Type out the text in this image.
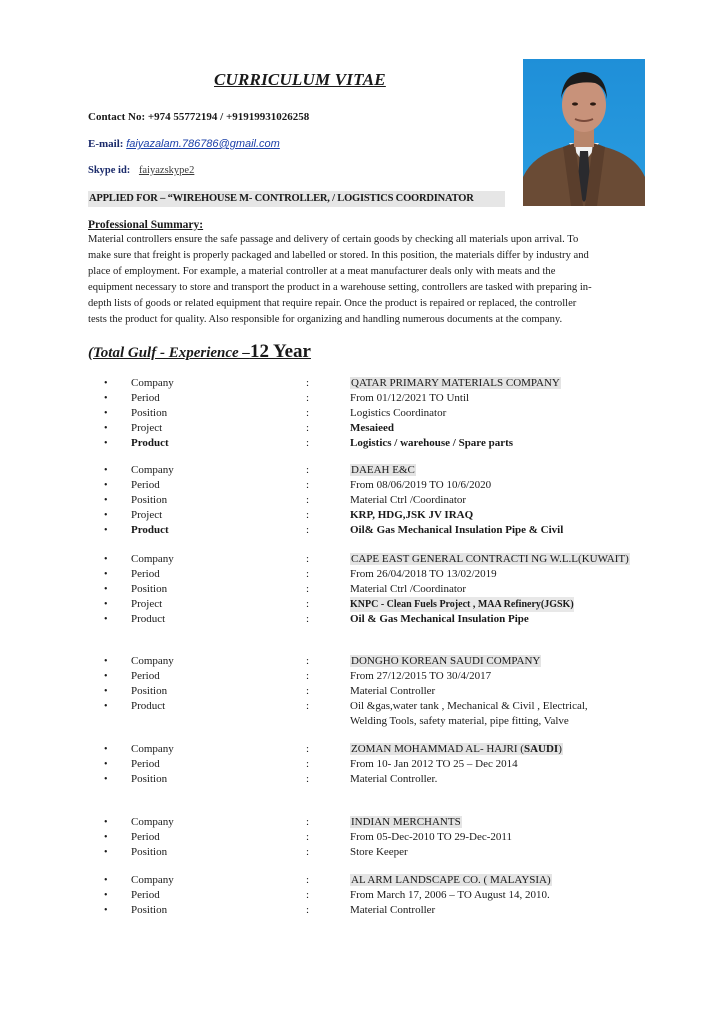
CURRICULUM VITAE
Contact No: +974 55772194 / +91919931026258
E-mail: faiyazalam.786786@gmail.com
Skype id: faiyazskype2
APPLIED FOR – “WIREHOUSE M- CONTROLLER, / LOGISTICS COORDINATOR
Professional Summary:
Material controllers ensure the safe passage and delivery of certain goods by checking all materials upon arrival. To
make sure that freight is properly packaged and labelled or stored. In this position, the materials differ by industry and
place of employment. For example, a material controller at a meat manufacturer deals only with meats and the
equipment necessary to store and transport the product in a warehouse setting, controllers are tasked with preparing in-
depth lists of goods or related equipment that require repair. Once the product is repaired or replaced, the controller
tests the product for quality. Also responsible for organizing and handling numerous documents at the company.
(Total Gulf - Experience –12 Year
• Company	:	QATAR PRIMARY MATERIALS COMPANY
• Period	:	From 01/12/2021 TO Until
• Position	:	Logistics Coordinator
• Project	:	Mesaieed
• Product	:	Logistics / warehouse / Spare parts
• Company	:	DAEAH E&C
• Period	:	From 08/06/2019 TO 10/6/2020
• Position	:	Material Ctrl /Coordinator
• Project	:	KRP, HDG,JSK JV IRAQ
• Product	:	Oil& Gas Mechanical Insulation Pipe & Civil
• Company	:	CAPE EAST GENERAL CONTRACTI NG W.L.L(KUWAIT)
• Period	:	From 26/04/2018 TO 13/02/2019
• Position	:	Material Ctrl /Coordinator
• Project	:	KNPC - Clean Fuels Project , MAA Refinery(JGSK)
• Product	:	Oil & Gas Mechanical Insulation Pipe
• Company	:	DONGHO KOREAN SAUDI COMPANY
• Period	:	From 27/12/2015 TO 30/4/2017
• Position	:	Material Controller
• Product	:	Oil &gas,water tank , Mechanical & Civil , Electrical,
Welding Tools, safety material, pipe fitting, Valve
• Company	:	ZOMAN MOHAMMAD AL- HAJRI (SAUDI)
• Period	:	From 10- Jan 2012 TO 25 – Dec 2014
• Position	:	Material Controller.
• Company	:	INDIAN MERCHANTS
• Period	:	From 05-Dec-2010 TO 29-Dec-2011
• Position	:	Store Keeper
• Company	:	AL ARM LANDSCAPE CO. ( MALAYSIA)
• Period	:	From March 17, 2006 – TO August 14, 2010.
• Position	:	Material Controller
